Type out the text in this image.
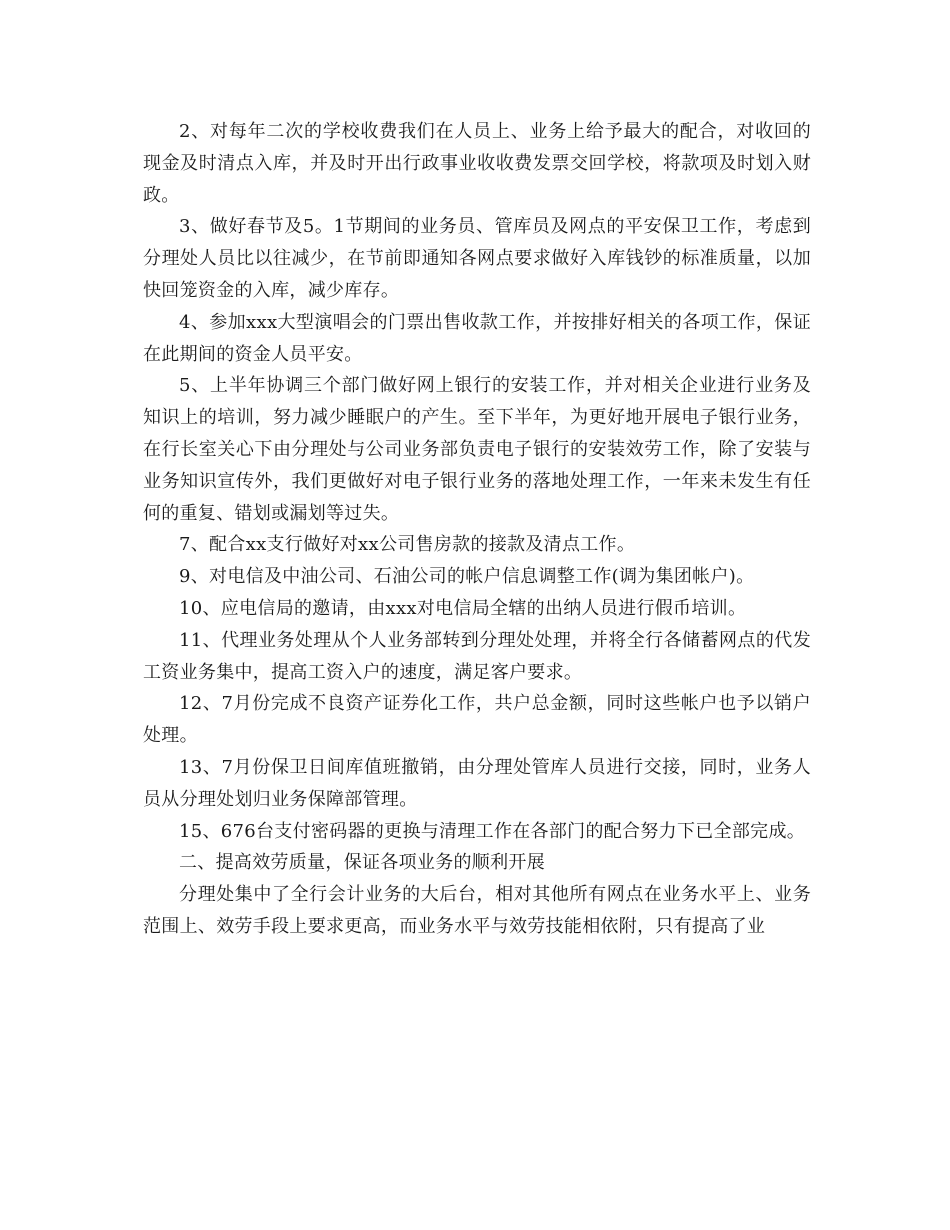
2、对每年二次的学校收费我们在人员上、业务上给予最大的配合，对收回的现金及时清点入库，并及时开出行政事业收收费发票交回学校，将款项及时划入财政。

3、做好春节及5。1节期间的业务员、管库员及网点的平安保卫工作，考虑到分理处人员比以往减少，在节前即通知各网点要求做好入库钱钞的标准质量，以加快回笼资金的入库，减少库存。

4、参加xxx大型演唱会的门票出售收款工作，并按排好相关的各项工作，保证在此期间的资金人员平安。

5、上半年协调三个部门做好网上银行的安装工作，并对相关企业进行业务及知识上的培训，努力减少睡眠户的产生。至下半年，为更好地开展电子银行业务，在行长室关心下由分理处与公司业务部负责电子银行的安装效劳工作，除了安装与业务知识宣传外，我们更做好对电子银行业务的落地处理工作，一年来未发生有任何的重复、错划或漏划等过失。

7、配合xx支行做好对xx公司售房款的接款及清点工作。

9、对电信及中油公司、石油公司的帐户信息调整工作(调为集团帐户)。

10、应电信局的邀请，由xxx对电信局全辖的出纳人员进行假币培训。

11、代理业务处理从个人业务部转到分理处处理，并将全行各储蓄网点的代发工资业务集中，提高工资入户的速度，满足客户要求。

12、7月份完成不良资产证券化工作，共户总金额，同时这些帐户也予以销户处理。

13、7月份保卫日间库值班撤销，由分理处管库人员进行交接，同时，业务人员从分理处划归业务保障部管理。

15、676台支付密码器的更换与清理工作在各部门的配合努力下已全部完成。

二、提高效劳质量，保证各项业务的顺利开展

分理处集中了全行会计业务的大后台，相对其他所有网点在业务水平上、业务范围上、效劳手段上要求更高，而业务水平与效劳技能相依附，只有提高了业
